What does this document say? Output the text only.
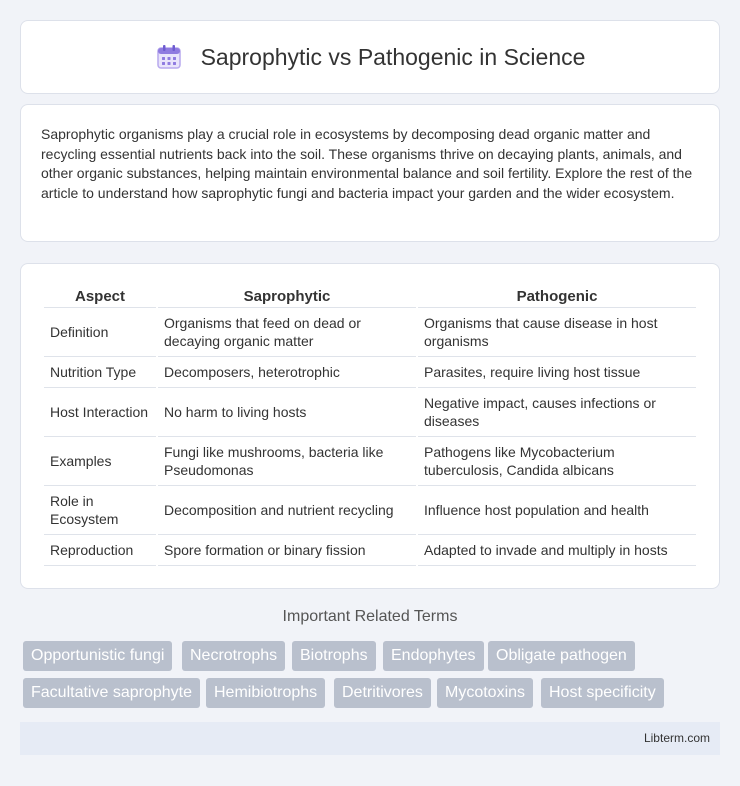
Saprophytic vs Pathogenic in Science

Saprophytic organisms play a crucial role in ecosystems by decomposing dead organic matter and recycling essential nutrients back into the soil. These organisms thrive on decaying plants, animals, and other organic substances, helping maintain environmental balance and soil fertility. Explore the rest of the article to understand how saprophytic fungi and bacteria impact your garden and the wider ecosystem.

Aspect	Saprophytic	Pathogenic
Definition	Organisms that feed on dead or decaying organic matter	Organisms that cause disease in host organisms
Nutrition Type	Decomposers, heterotrophic	Parasites, require living host tissue
Host Interaction	No harm to living hosts	Negative impact, causes infections or diseases
Examples	Fungi like mushrooms, bacteria like Pseudomonas	Pathogens like Mycobacterium tuberculosis, Candida albicans
Role in Ecosystem	Decomposition and nutrient recycling	Influence host population and health
Reproduction	Spore formation or binary fission	Adapted to invade and multiply in hosts
Important Related Terms
Opportunistic fungi	Necrotrophs	Biotrophs	Endophytes	Obligate pathogen
Facultative saprophyte	Hemibiotrophs	Detritivores	Mycotoxins	Host specificity
Libterm.com
